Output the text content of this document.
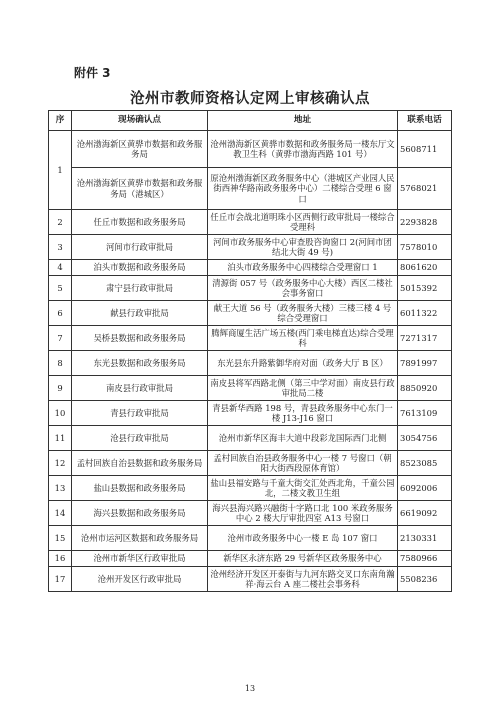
附件 3
沧州市教师资格认定网上审核确认点
序	现场确认点	地址	联系电话
1	沧州渤海新区黄骅市数据和政务服务局	沧州渤海新区黄骅市数据和政务服务局一楼东厅文教卫生科（黄骅市渤海西路 101 号）	5608711
	沧州渤海新区黄骅市数据和政务服务局（港城区）	原沧州渤海新区政务服务中心（港城区产业园人民街西神华路南政务服务中心）二楼综合受理 6 窗口	5768021
2	任丘市数据和政务服务局	任丘市会战北道明珠小区西侧行政审批局一楼综合受理科	2293828
3	河间市行政审批局	河间市政务服务中心审查股咨询窗口 2(河间市团结北大街 49 号)	7578010
4	泊头市数据和政务服务局	泊头市政务服务中心四楼综合受理窗口 1	8061620
5	肃宁县行政审批局	清源街 057 号（政务服务中心大楼）西区二楼社会事务窗口	5015392
6	献县行政审批局	献王大道 56 号（政务服务大楼）三楼三楼 4 号综合受理窗口	6011322
7	吴桥县数据和政务服务局	腾辉商厦生活广场五楼(西门乘电梯直达)综合受理科	7271317
8	东光县数据和政务服务局	东光县东升路紫御华府对面（政务大厅 B 区）	7891997
9	南皮县行政审批局	南皮县将军西路北侧（第三中学对面）南皮县行政审批局二楼	8850920
10	青县行政审批局	青县新华西路 198 号，青县政务服务中心东门一楼 J13-J16 窗口	7613109
11	沧县行政审批局	沧州市新华区海丰大道中段彩龙国际西门北侧	3054756
12	孟村回族自治县数据和政务服务局	孟村回族自治县政务服务中心一楼 7 号窗口（朝阳大街西段原体育馆）	8523085
13	盐山县数据和政务服务局	盐山县福安路与千童大街交汇处西北角，千童公园北，二楼文教卫生组	6092006
14	海兴县数据和政务服务局	海兴县海兴路兴融街十字路口北 100 米政务服务中心 2 楼大厅审批四室 A13 号窗口	6619092
15	沧州市运河区数据和政务服务局	沧州市政务服务中心一楼 E 岛 107 窗口	2130331
16	沧州市新华区行政审批局	新华区永济东路 29 号新华区政务服务中心	7580966
17	沧州开发区行政审批局	沧州经济开发区开泰街与九河东路交叉口东南角瀚祥·海云台 A 座二楼社会事务科	5508236
13
